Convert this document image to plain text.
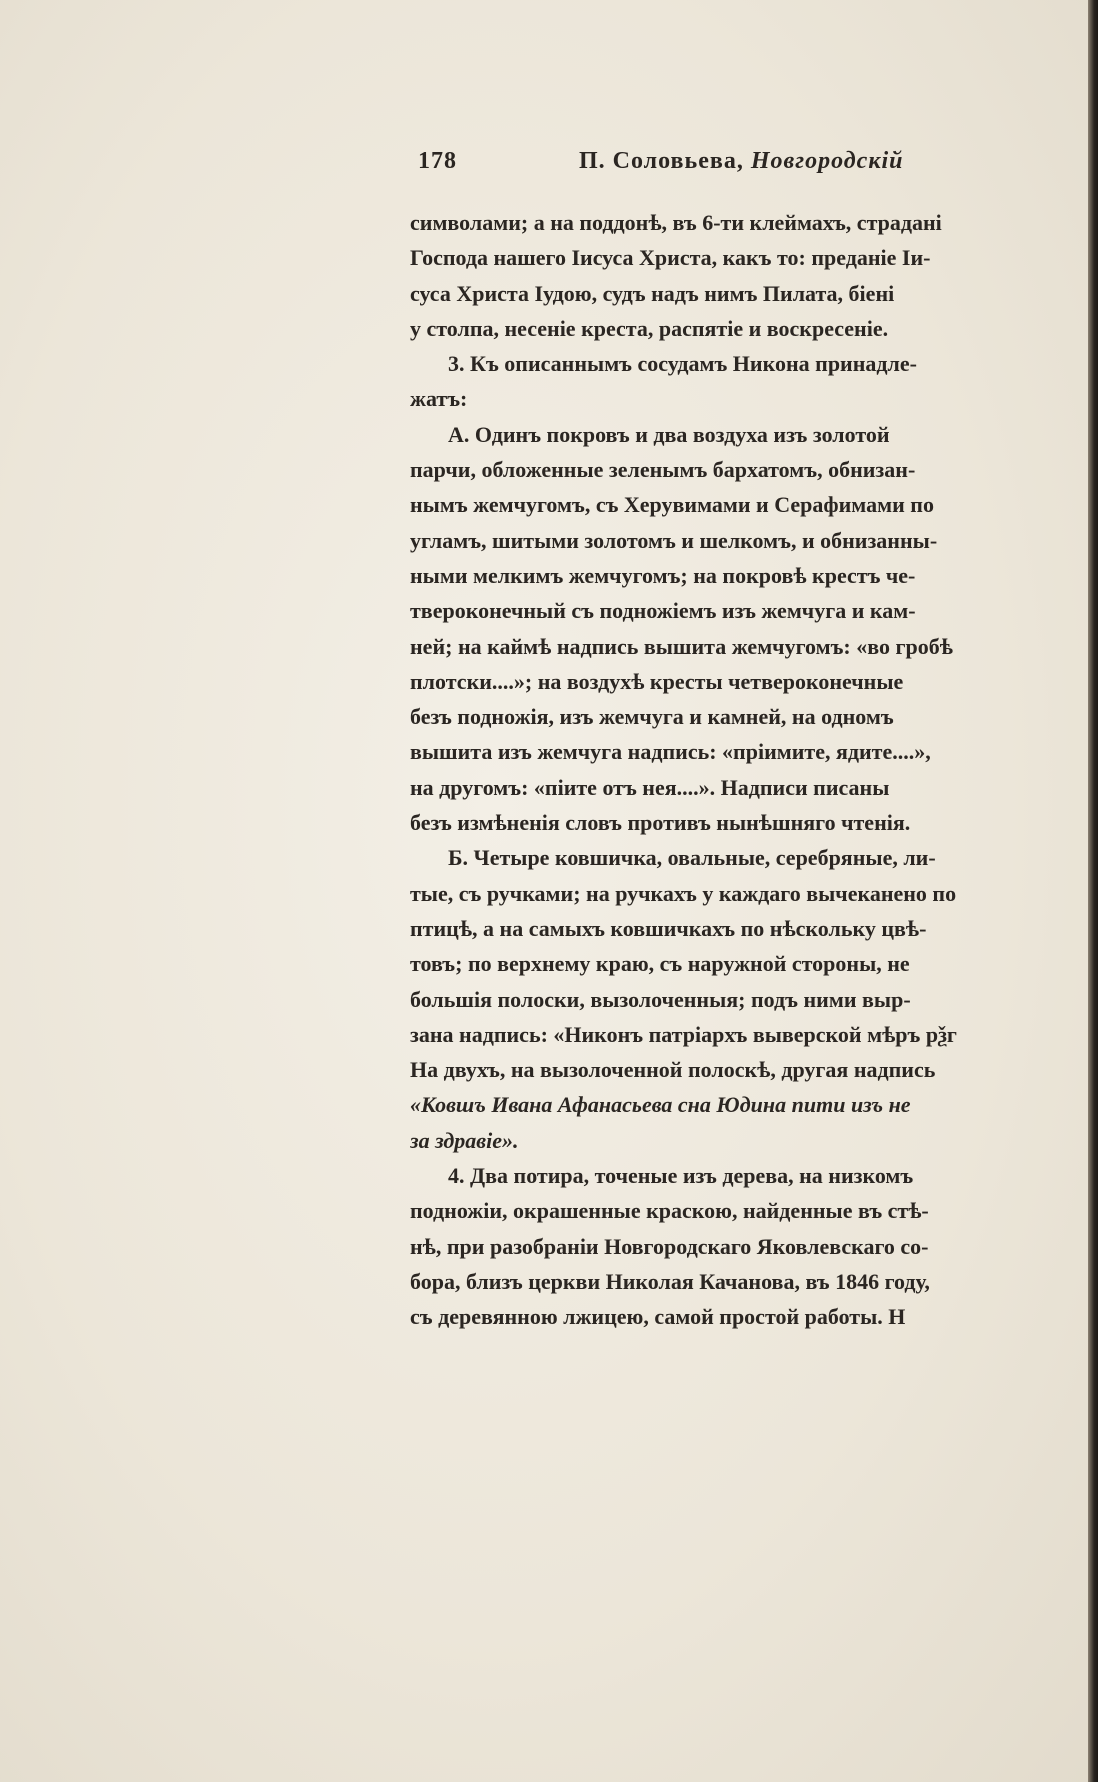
178	П. Соловьева, Новгородскій
символами; а на поддонѣ, въ 6-ти клеймахъ, страдані
Господа нашего Іисуса Христа, какъ то: преданіе Іи-
суса Христа Іудою, судъ надъ нимъ Пилата, біені
у столпа, несеніе креста, распятіе и воскресеніе.
3. Къ описаннымъ сосудамъ Никона принадле-
жатъ:
А. Одинъ покровъ и два воздуха изъ золотой
парчи, обложенные зеленымъ бархатомъ, обнизан-
нымъ жемчугомъ, съ Херувимами и Серафимами по
угламъ, шитыми золотомъ и шелкомъ, и обнизанны-
ными мелкимъ жемчугомъ; на покровѣ крестъ че-
твероконечный съ подножіемъ изъ жемчуга и кам-
ней; на каймѣ надпись вышита жемчугомъ: «во гробѣ
плотски....»; на воздухѣ кресты четвероконечные
безъ подножія, изъ жемчуга и камней, на одномъ
вышита изъ жемчуга надпись: «пріимите, ядите....»,
на другомъ: «піите отъ нея....». Надписи писаны
безъ измѣненія словъ противъ нынѣшняго чтенія.
Б. Четыре ковшичка, овальные, серебряные, ли-
тые, съ ручками; на ручкахъ у каждаго вычеканено по
птицѣ, а на самыхъ ковшичкахъ по нѣскольку цвѣ-
товъ; по верхнему краю, съ наружной стороны, не
большія полоски, вызолоченныя; подъ ними выр-
зана надпись: «Никонъ патріархъ выверской мѣръ рѯг
На двухъ, на вызолоченной полоскѣ, другая надпись
«Ковшъ Ивана Афанасьева сна Юдина пити изъ не
за здравіе».
4. Два потира, точеные изъ дерева, на низкомъ
подножіи, окрашенные краскою, найденные въ стѣ-
нѣ, при разобраніи Новгородскаго Яковлевскаго со-
бора, близъ церкви Николая Качанова, въ 1846 году,
съ деревянною лжицею, самой простой работы. Н
